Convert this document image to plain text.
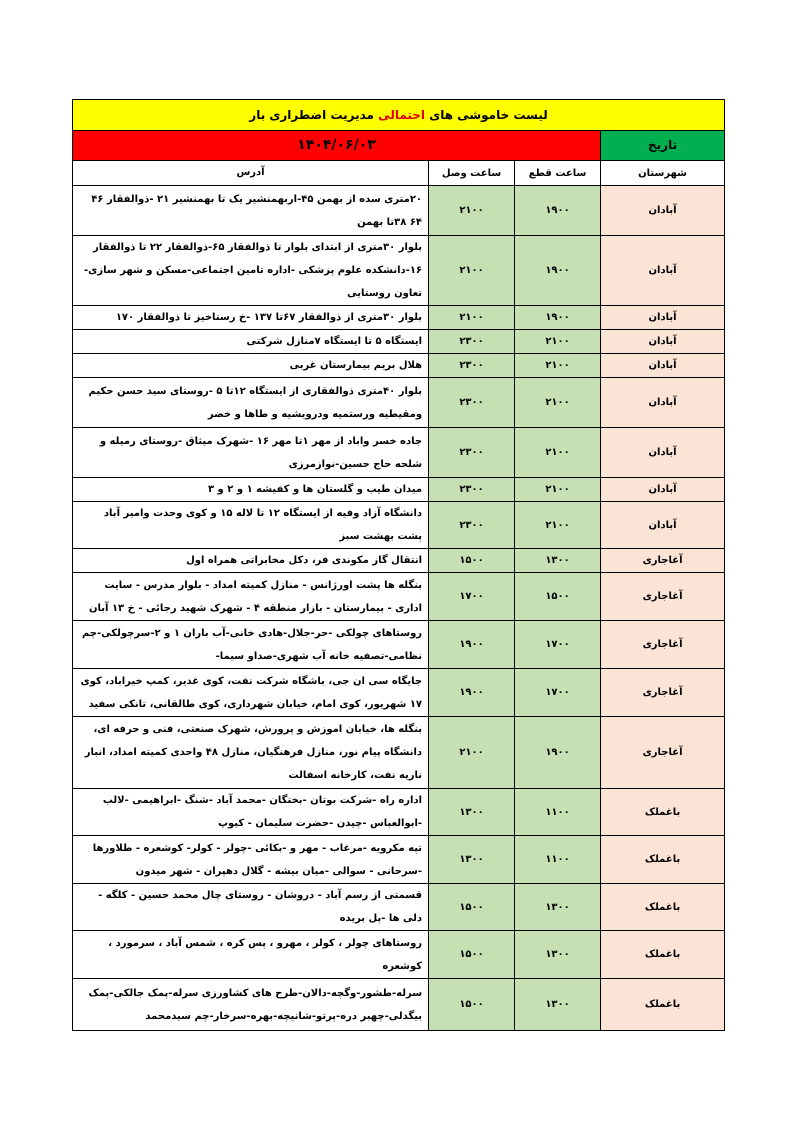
لیست خاموشی های احتمالی مدیریت اضطراری بار			
تاریخ	۱۴۰۴/۰۶/۰۳		
شهرستان	ساعت قطع	ساعت وصل	آدرس
آبادان	۱۹۰۰	۲۱۰۰	۲۰متری سده از بهمن ۴۵-اربهمنشیر یک تا بهمنشیر ۲۱ -ذوالفقار ۴۶ ۶۴ ۳۸تا بهمن
آبادان	۱۹۰۰	۲۱۰۰	بلوار ۳۰متری از ابتدای بلوار تا ذوالفقار ۶۵-ذوالفقار ۲۲ تا ذوالفقار ۱۶-دانشکده علوم پزشکی -اداره تامین اجتماعی-مسکن و شهر سازی-تعاون روستایی
آبادان	۱۹۰۰	۲۱۰۰	بلوار ۳۰متری از ذوالفقار ۶۷تا ۱۳۷ -خ رستاخیز تا ذوالفقار ۱۷۰
آبادان	۲۱۰۰	۲۳۰۰	ایستگاه ۵ تا ایستگاه ۷منازل شرکتی
آبادان	۲۱۰۰	۲۳۰۰	هلال بریم بیمارستان غربی
آبادان	۲۱۰۰	۲۳۰۰	بلوار ۴۰متری ذوالفقاری از ایستگاه ۱۲تا ۵ -روستای سید حسن حکیم ومقیطیه ورستمیه ودرویشیه و طاها و خضر
آبادان	۲۱۰۰	۲۳۰۰	جاده خسر واباد از مهر ۱تا مهر ۱۶ -شهرک میثاق -روستای رمیله و شلحه حاج حسین-نوازمرزی
آبادان	۲۱۰۰	۲۳۰۰	میدان طیب و گلستان ها و کفیشه ۱ و ۲ و ۳
آبادان	۲۱۰۰	۲۳۰۰	دانشگاه آزاد وفیه از ایستگاه ۱۲ تا لاله ۱۵ و کوی وحدت وامیر آباد پشت بهشت سبز
آغاجاری	۱۳۰۰	۱۵۰۰	انتقال گاز مکوندی فر، دکل مخابراتی همراه اول
آغاجاری	۱۵۰۰	۱۷۰۰	بنگله ها پشت اورژانس - منازل کمیته امداد - بلوار مدرس - سایت اداری - بیمارستان - بازار منطقه ۴ - شهرک شهید رجائی - خ ۱۳ آبان
آغاجاری	۱۷۰۰	۱۹۰۰	روستاهای چولکی -حر-جلال-هادی خانی-آب باران ۱ و ۲-سرچولکی-چم نظامی-تصفیه خانه آب شهری-صداو سیما-
آغاجاری	۱۷۰۰	۱۹۰۰	جایگاه سی ان جی، باشگاه شرکت نفت، کوی غدیر، کمپ خیراباد، کوی ۱۷ شهریور، کوی امام، خیابان شهرداری، کوی طالقانی، تانکی سفید
آغاجاری	۱۹۰۰	۲۱۰۰	بنگله ها، خیابان اموزش و پرورش، شهرک صنعتی، فنی و حرفه ای، دانشگاه پیام نور، منازل فرهنگیان، منازل ۴۸ واحدی کمیته امداد، انبار ناریه نفت، کارخانه اسفالت
باغملک	۱۱۰۰	۱۳۰۰	اداره راه -شرکت بوتان -بختگان -محمد آباد -شنگ -ابراهیمی -لالب -ابوالعباس -چیدن -حضرت سلیمان - کیوپ
باغملک	۱۱۰۰	۱۳۰۰	تپه مکرویه -مرغاب - مهر و -بکائی -چولر - کولر- کوشعره - طلاورها -سرحانی - سوالی -میان بیشه - گلال دهپران - شهر میدون
باغملک	۱۳۰۰	۱۵۰۰	قسمتی از رسم آباد - دروشان - روستای چال محمد حسین - کلگه - دلی ها -پل بریده
باغملک	۱۳۰۰	۱۵۰۰	روستاهای چولر ، کولر ، مهرو ، پس کره ، شمس آباد ، سرمورد ، کوشعره
باغملک	۱۳۰۰	۱۵۰۰	سرله-طشور-وگچه-دالان-طرح های کشاورزی سرله-پمک جالکی-پمک بیگدلی-چهبر دره-پرتو-شانیچه-بهره-سرخار-چم سیدمحمد
